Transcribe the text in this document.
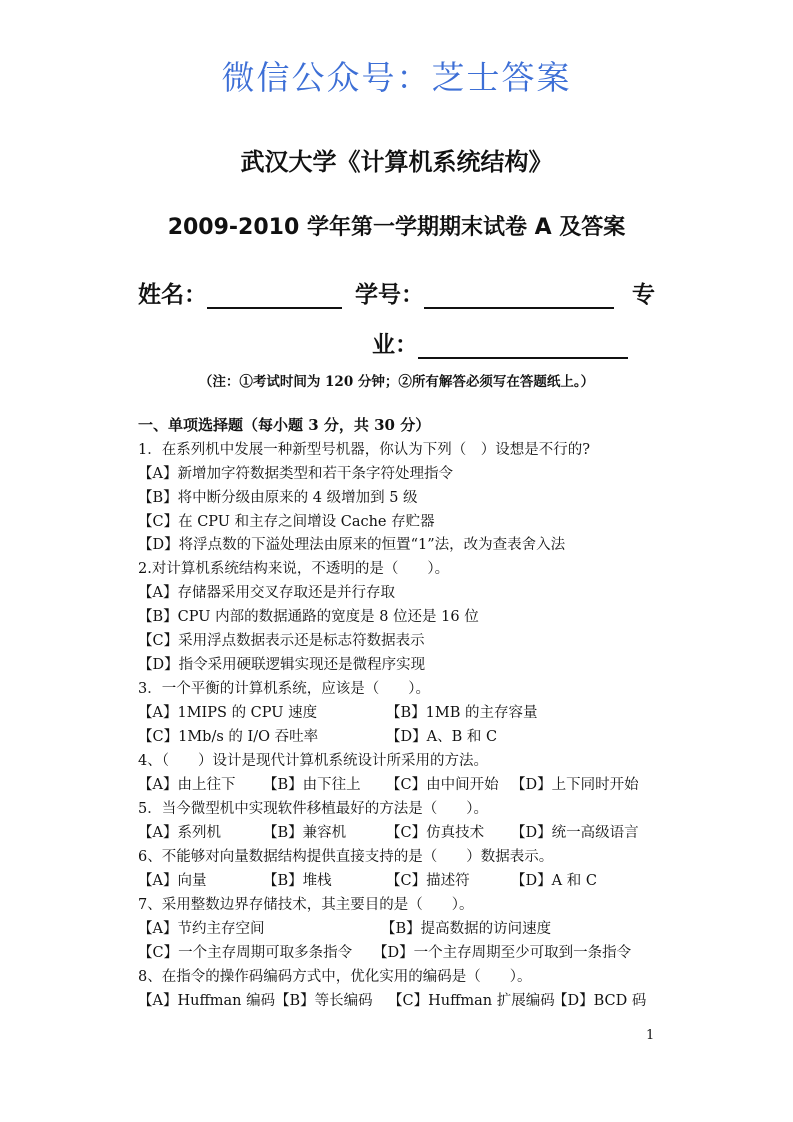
微信公众号：芝士答案
武汉大学《计算机系统结构》
2009-2010 学年第一学期期末试卷 A 及答案
姓名：	学号：	专
业：
（注：①考试时间为 120 分钟；②所有解答必须写在答题纸上。）
一、单项选择题（每小题 3 分，共 30 分）
1．在系列机中发展一种新型号机器，你认为下列（　）设想是不行的?
【A】新增加字符数据类型和若干条字符处理指令
【B】将中断分级由原来的 4 级增加到 5 级
【C】在 CPU 和主存之间增设 Cache 存贮器
【D】将浮点数的下溢处理法由原来的恒置“1”法，改为查表舍入法
2.对计算机系统结构来说，不透明的是（　　）。
【A】存储器采用交叉存取还是并行存取
【B】CPU 内部的数据通路的宽度是 8 位还是 16 位
【C】采用浮点数据表示还是标志符数据表示
【D】指令采用硬联逻辑实现还是微程序实现
3．一个平衡的计算机系统，应该是（　　）。
【A】1MIPS 的 CPU 速度	【B】1MB 的主存容量
【C】1Mb/s 的 I/O 吞吐率	【D】A、B 和 C
4、（　　）设计是现代计算机系统设计所采用的方法。
【A】由上往下 【B】由下往上 【C】由中间开始 【D】上下同时开始
5．当今微型机中实现软件移植最好的方法是（　　）。
【A】系列机	【B】兼容机	【C】仿真技术 【D】统一高级语言
6、不能够对向量数据结构提供直接支持的是（　　）数据表示。
【A】向量	【B】堆栈	【C】描述符	【D】A 和 C
7、采用整数边界存储技术，其主要目的是（　　）。
【A】节约主存空间	【B】提高数据的访问速度
【C】一个主存周期可取多条指令 【D】一个主存周期至少可取到一条指令
8、在指令的操作码编码方式中，优化实用的编码是（　　）。
【A】Huffman 编码 【B】等长编码 【C】Huffman 扩展编码
【D】BCD 码
1
